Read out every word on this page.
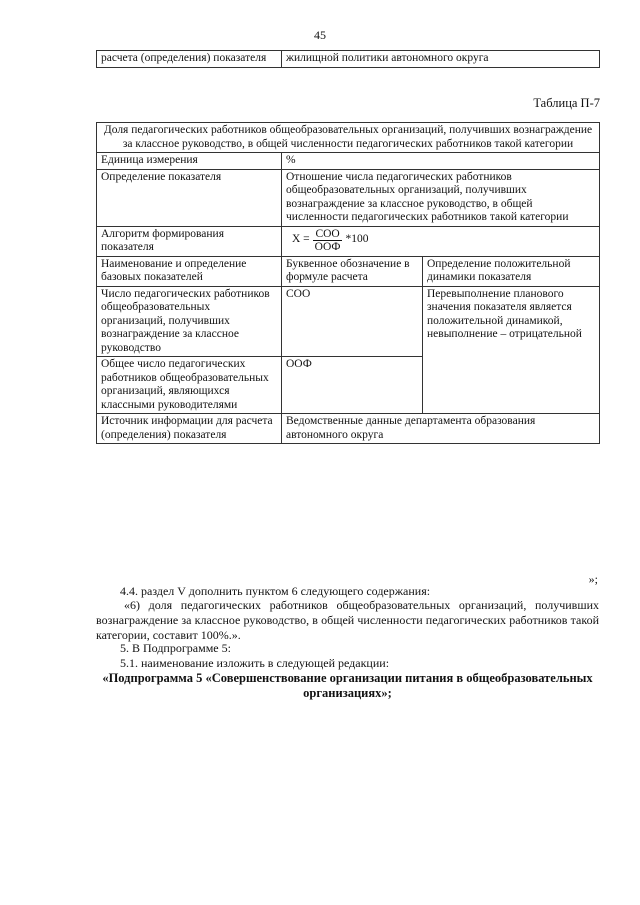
45
расчета (определения) показателя	жилищной политики автономного округа
Таблица П-7
Доля педагогических работников общеобразовательных организаций, получивших вознаграждение за классное руководство, в общей численности педагогических работников такой категории		
Единица измерения	%	
Определение показателя	Отношение числа педагогических работников общеобразовательных организаций, получивших вознаграждение за классное руководство, в общей численности педагогических работников такой категории	
Алгоритм формирования показателя	$X = \frac{\text{СОО}}{\text{ООФ}} *100$	

Наименование и определение базовых показателей	Буквенное обозначение в формуле расчета	Определение положительной динамики показателя
Число педагогических работников общеобразовательных организаций, получивших вознаграждение за классное руководство	СОО	Перевыполнение планового значения показателя является положительной динамикой, невыполнение – отрицательной
Общее число педагогических работников общеобразовательных организаций, являющихся классными руководителями	ООФ	
Источник информации для расчета (определения) показателя	Ведомственные данные департамента образования автономного округа	
»;
4.4. раздел V дополнить пунктом 6 следующего содержания:
«6) доля педагогических работников общеобразовательных организаций, получивших вознаграждение за классное руководство, в общей численности педагогических работников такой категории, составит 100%.».
5. В Подпрограмме 5:
5.1. наименование изложить в следующей редакции:
«Подпрограмма 5 «Совершенствование организации питания в общеобразовательных организациях»;
